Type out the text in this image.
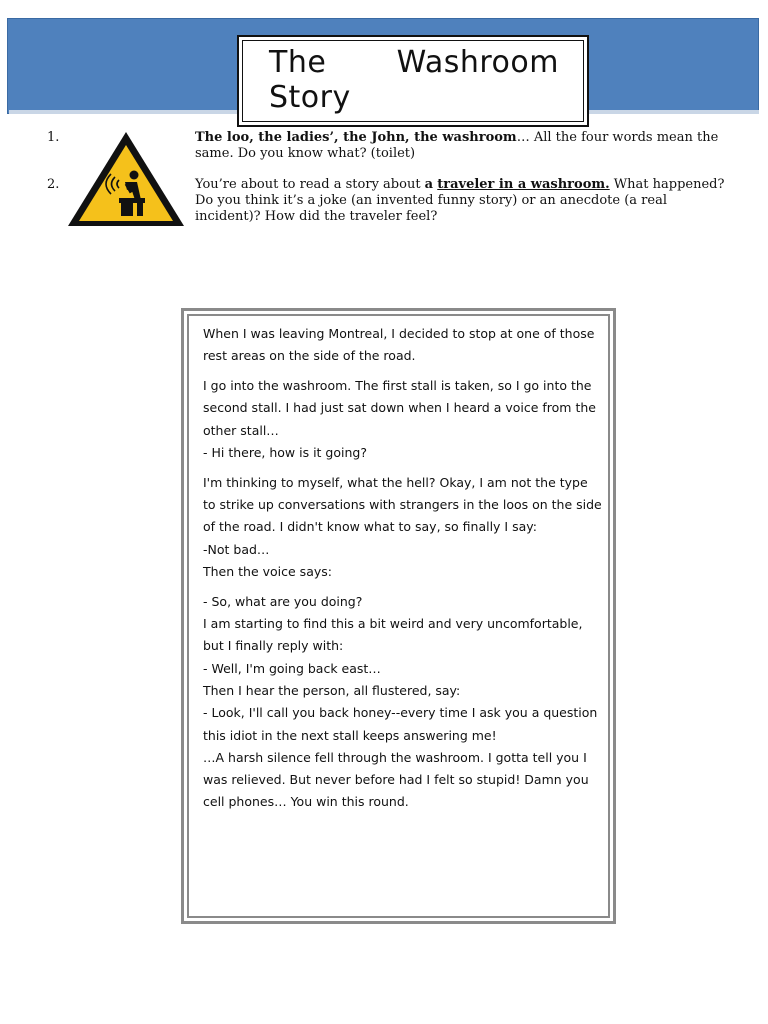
The Washroom Story
1.	The loo, the ladies’, the John, the washroom… All the four words mean the same. Do you know what? (toilet)
2.	You’re about to read a story about a traveler in a washroom. What happened? Do you think it’s a joke (an invented funny story) or an anecdote (a real incident)? How did the traveler feel?

When I was leaving Montreal, I decided to stop at one of those rest areas on the side of the road.

I go into the washroom. The first stall is taken, so I go into the second stall. I had just sat down when I heard a voice from the other stall…
- Hi there, how is it going?

I'm thinking to myself, what the hell? Okay, I am not the type to strike up conversations with strangers in the loos on the side of the road. I didn't know what to say, so finally I say:
-Not bad…
Then the voice says:

- So, what are you doing?
I am starting to find this a bit weird and very uncomfortable, but I finally reply with:
- Well, I'm going back east…
Then I hear the person, all flustered, say:
- Look, I'll call you back honey--every time I ask you a question this idiot in the next stall keeps answering me!
…A harsh silence fell through the washroom. I gotta tell you I was relieved. But never before had I felt so stupid! Damn you cell phones… You win this round.
